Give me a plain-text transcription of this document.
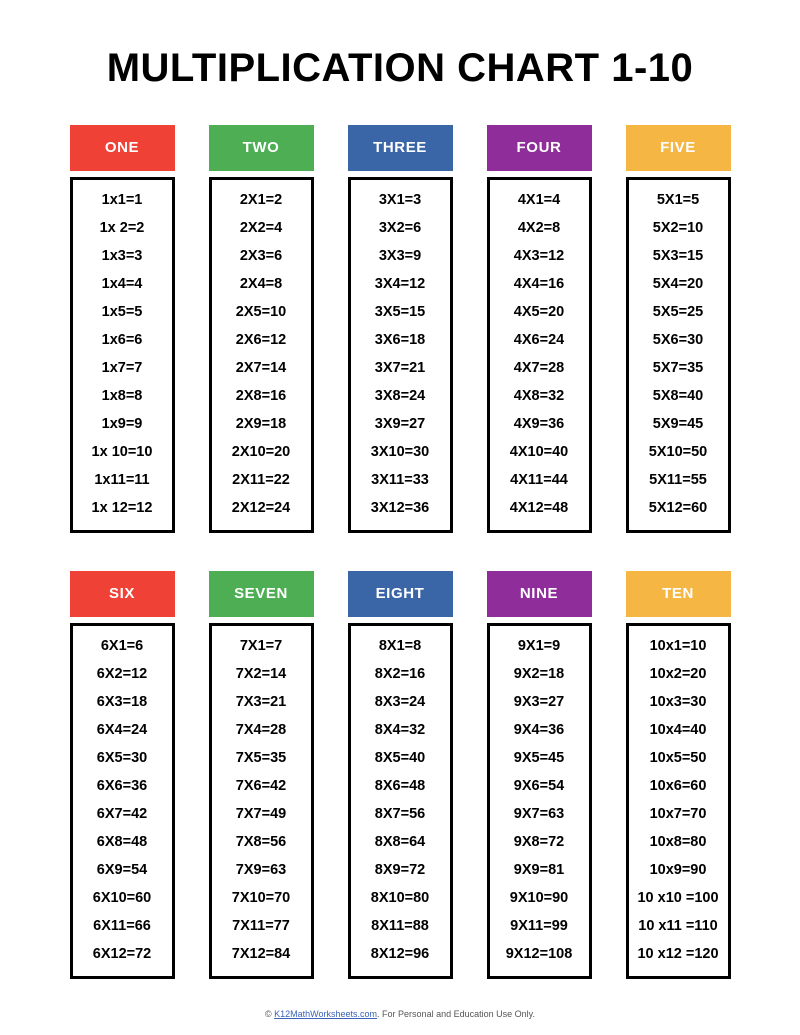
MULTIPLICATION CHART 1-10
ONE
1x1=1
1x 2=2
1x3=3
1x4=4
1x5=5
1x6=6
1x7=7
1x8=8
1x9=9
1x 10=10
1x11=11
1x 12=12
TWO
2X1=2
2X2=4
2X3=6
2X4=8
2X5=10
2X6=12
2X7=14
2X8=16
2X9=18
2X10=20
2X11=22
2X12=24
THREE
3X1=3
3X2=6
3X3=9
3X4=12
3X5=15
3X6=18
3X7=21
3X8=24
3X9=27
3X10=30
3X11=33
3X12=36
FOUR
4X1=4
4X2=8
4X3=12
4X4=16
4X5=20
4X6=24
4X7=28
4X8=32
4X9=36
4X10=40
4X11=44
4X12=48
FIVE
5X1=5
5X2=10
5X3=15
5X4=20
5X5=25
5X6=30
5X7=35
5X8=40
5X9=45
5X10=50
5X11=55
5X12=60
SIX
6X1=6
6X2=12
6X3=18
6X4=24
6X5=30
6X6=36
6X7=42
6X8=48
6X9=54
6X10=60
6X11=66
6X12=72
SEVEN
7X1=7
7X2=14
7X3=21
7X4=28
7X5=35
7X6=42
7X7=49
7X8=56
7X9=63
7X10=70
7X11=77
7X12=84
EIGHT
8X1=8
8X2=16
8X3=24
8X4=32
8X5=40
8X6=48
8X7=56
8X8=64
8X9=72
8X10=80
8X11=88
8X12=96
NINE
9X1=9
9X2=18
9X3=27
9X4=36
9X5=45
9X6=54
9X7=63
9X8=72
9X9=81
9X10=90
9X11=99
9X12=108
TEN
10x1=10
10x2=20
10x3=30
10x4=40
10x5=50
10x6=60
10x7=70
10x8=80
10x9=90
10 x10 =100
10 x11 =110
10 x12 =120
© K12MathWorksheets.com. For Personal and Education Use Only.
